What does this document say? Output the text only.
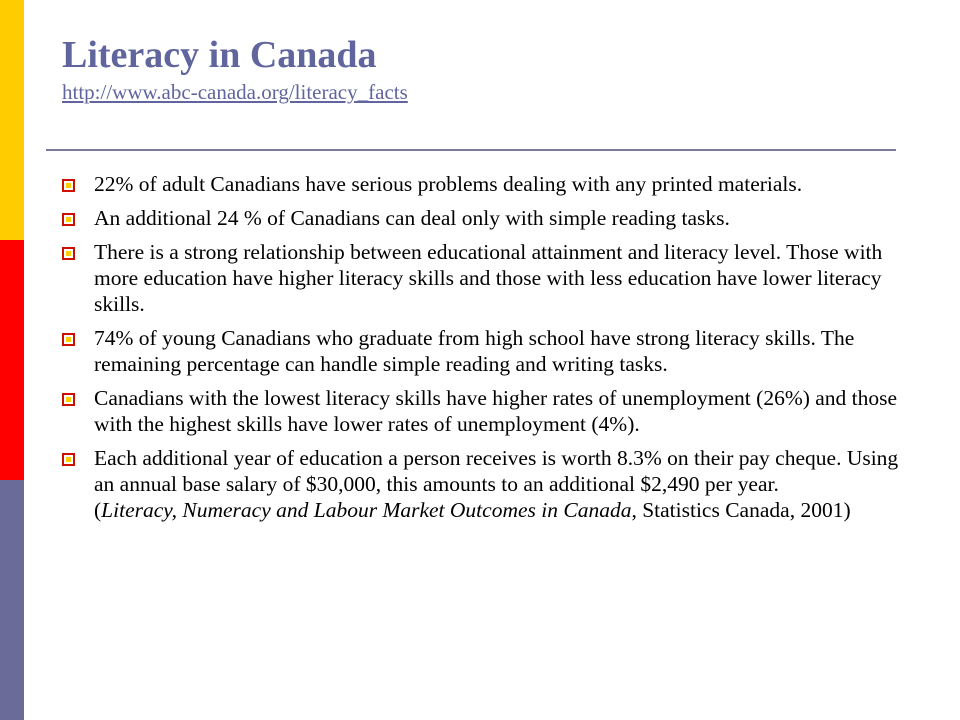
Literacy in Canada
http://www.abc-canada.org/literacy_facts
22% of adult Canadians have serious problems dealing with any printed materials.
An additional 24 % of Canadians can deal only with simple reading tasks.
There is a strong relationship between educational attainment and literacy level. Those with more education have higher literacy skills and those with less education have lower literacy skills.
74% of young Canadians who graduate from high school have strong literacy skills. The remaining percentage can handle simple reading and writing tasks.
Canadians with the lowest literacy skills have higher rates of unemployment (26%) and those with the highest skills have lower rates of unemployment (4%).
Each additional year of education a person receives is worth 8.3% on their pay cheque. Using an annual base salary of $30,000, this amounts to an additional $2,490 per year.
(Literacy, Numeracy and Labour Market Outcomes in Canada, Statistics Canada, 2001)
